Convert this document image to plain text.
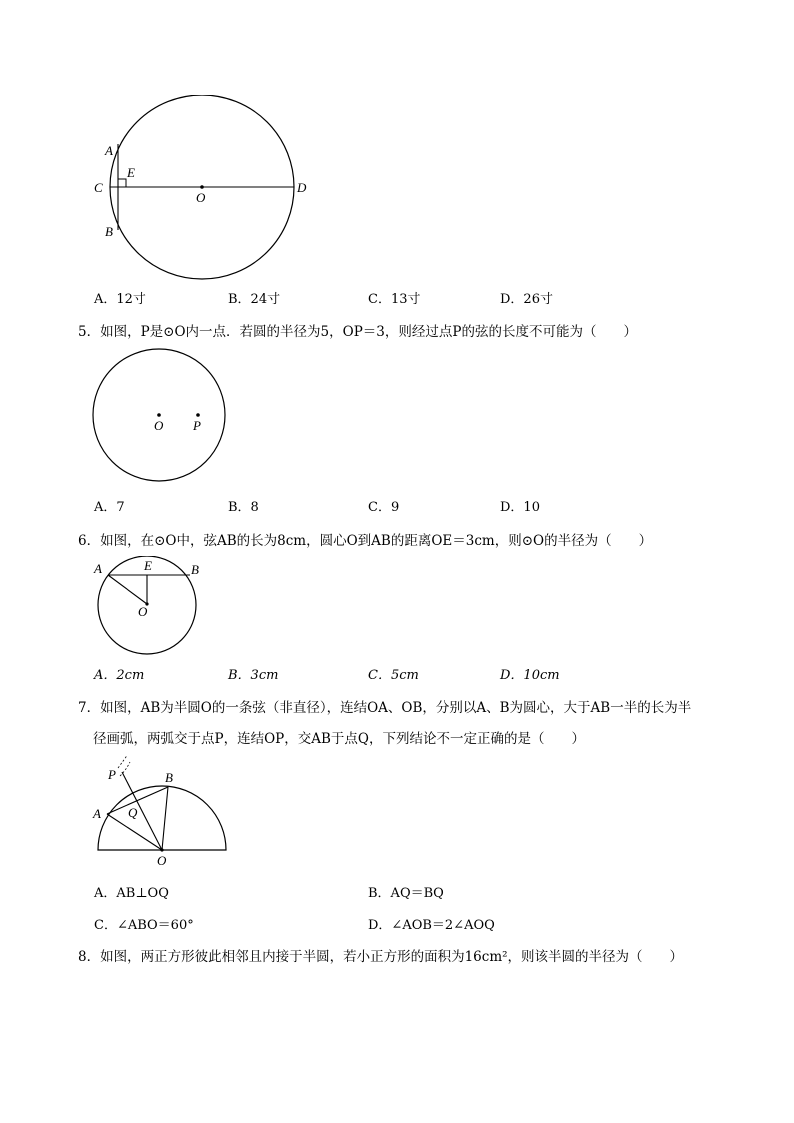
A
E
C
O
D
B
A．12寸	B．24寸	C．13寸	D．26寸
5．如图，P是⊙O内一点．若圆的半径为5，OP＝3，则经过点P的弦的长度不可能为（　　）
O P
A．7	B．8	C．9	D．10
6．如图，在⊙O中，弦AB的长为8cm，圆心O到AB的距离OE＝3cm，则⊙O的半径为（　　）
A	E	B
O
A．2cm	B．3cm	C．5cm	D．10cm
7．如图，AB为半圆O的一条弦（非直径），连结OA、OB，分别以A、B为圆心，大于AB一半的长为半
径画弧，两弧交于点P，连结OP，交AB于点Q，下列结论不一定正确的是（　　）
P	B
A Q
O
A．AB⊥OQ	B．AQ＝BQ
C．∠ABO＝60°	D．∠AOB＝2∠AOQ
8．如图，两正方形彼此相邻且内接于半圆，若小正方形的面积为16cm²，则该半圆的半径为（　　）
